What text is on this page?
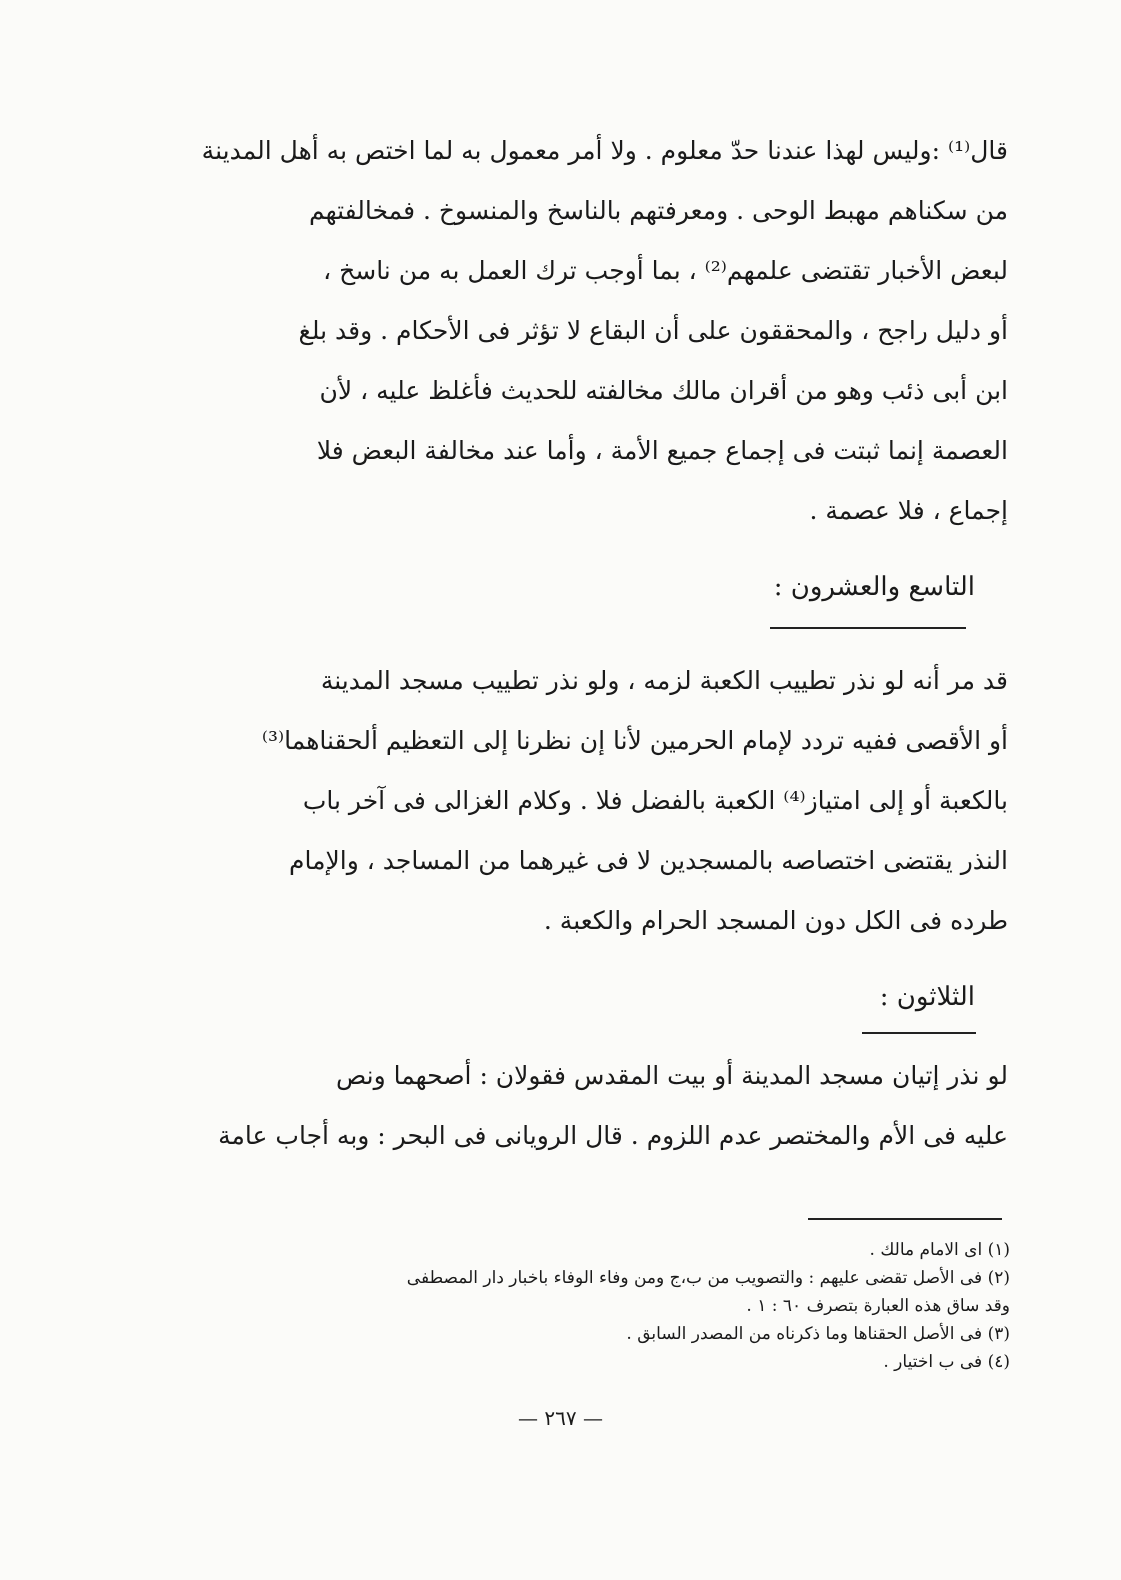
قال⁽¹⁾ :وليس لهذا عندنا حدّ معلوم . ولا أمر معمول به لما اختص به أهل المدينة
من سكناهم مهبط الوحى . ومعرفتهم بالناسخ والمنسوخ . فمخالفتهم
لبعض الأخبار تقتضى علمهم⁽²⁾ ، بما أوجب ترك العمل به من ناسخ ،
أو دليل راجح ، والمحققون على أن البقاع لا تؤثر فى الأحكام . وقد بلغ
ابن أبى ذئب وهو من أقران مالك مخالفته للحديث فأغلظ عليه ، لأن
العصمة إنما ثبتت فى إجماع جميع الأمة ، وأما عند مخالفة البعض فلا
إجماع ، فلا عصمة .
التاسع والعشرون :
قد مر أنه لو نذر تطييب الكعبة لزمه ، ولو نذر تطييب مسجد المدينة
أو الأقصى ففيه تردد لإمام الحرمين لأنا إن نظرنا إلى التعظيم ألحقناهما⁽³⁾
بالكعبة أو إلى امتياز⁽⁴⁾ الكعبة بالفضل فلا . وكلام الغزالى فى آخر باب
النذر يقتضى اختصاصه بالمسجدين لا فى غيرهما من المساجد ، والإمام
طرده فى الكل دون المسجد الحرام والكعبة .
الثلاثون :
لو نذر إتيان مسجد المدينة أو بيت المقدس فقولان : أصحهما ونص
عليه فى الأم والمختصر عدم اللزوم . قال الرويانى فى البحر : وبه أجاب عامة
(١) اى الامام مالك .
(٢) فى الأصل تقضى عليهم : والتصويب من ب،ج ومن وفاء الوفاء باخبار دار المصطفى
وقد ساق هذه العبارة بتصرف ٦٠ : ١ .
(٣) فى الأصل الحقناها وما ذكرناه من المصدر السابق .
(٤) فى ب اختيار .
— ٢٦٧ —
